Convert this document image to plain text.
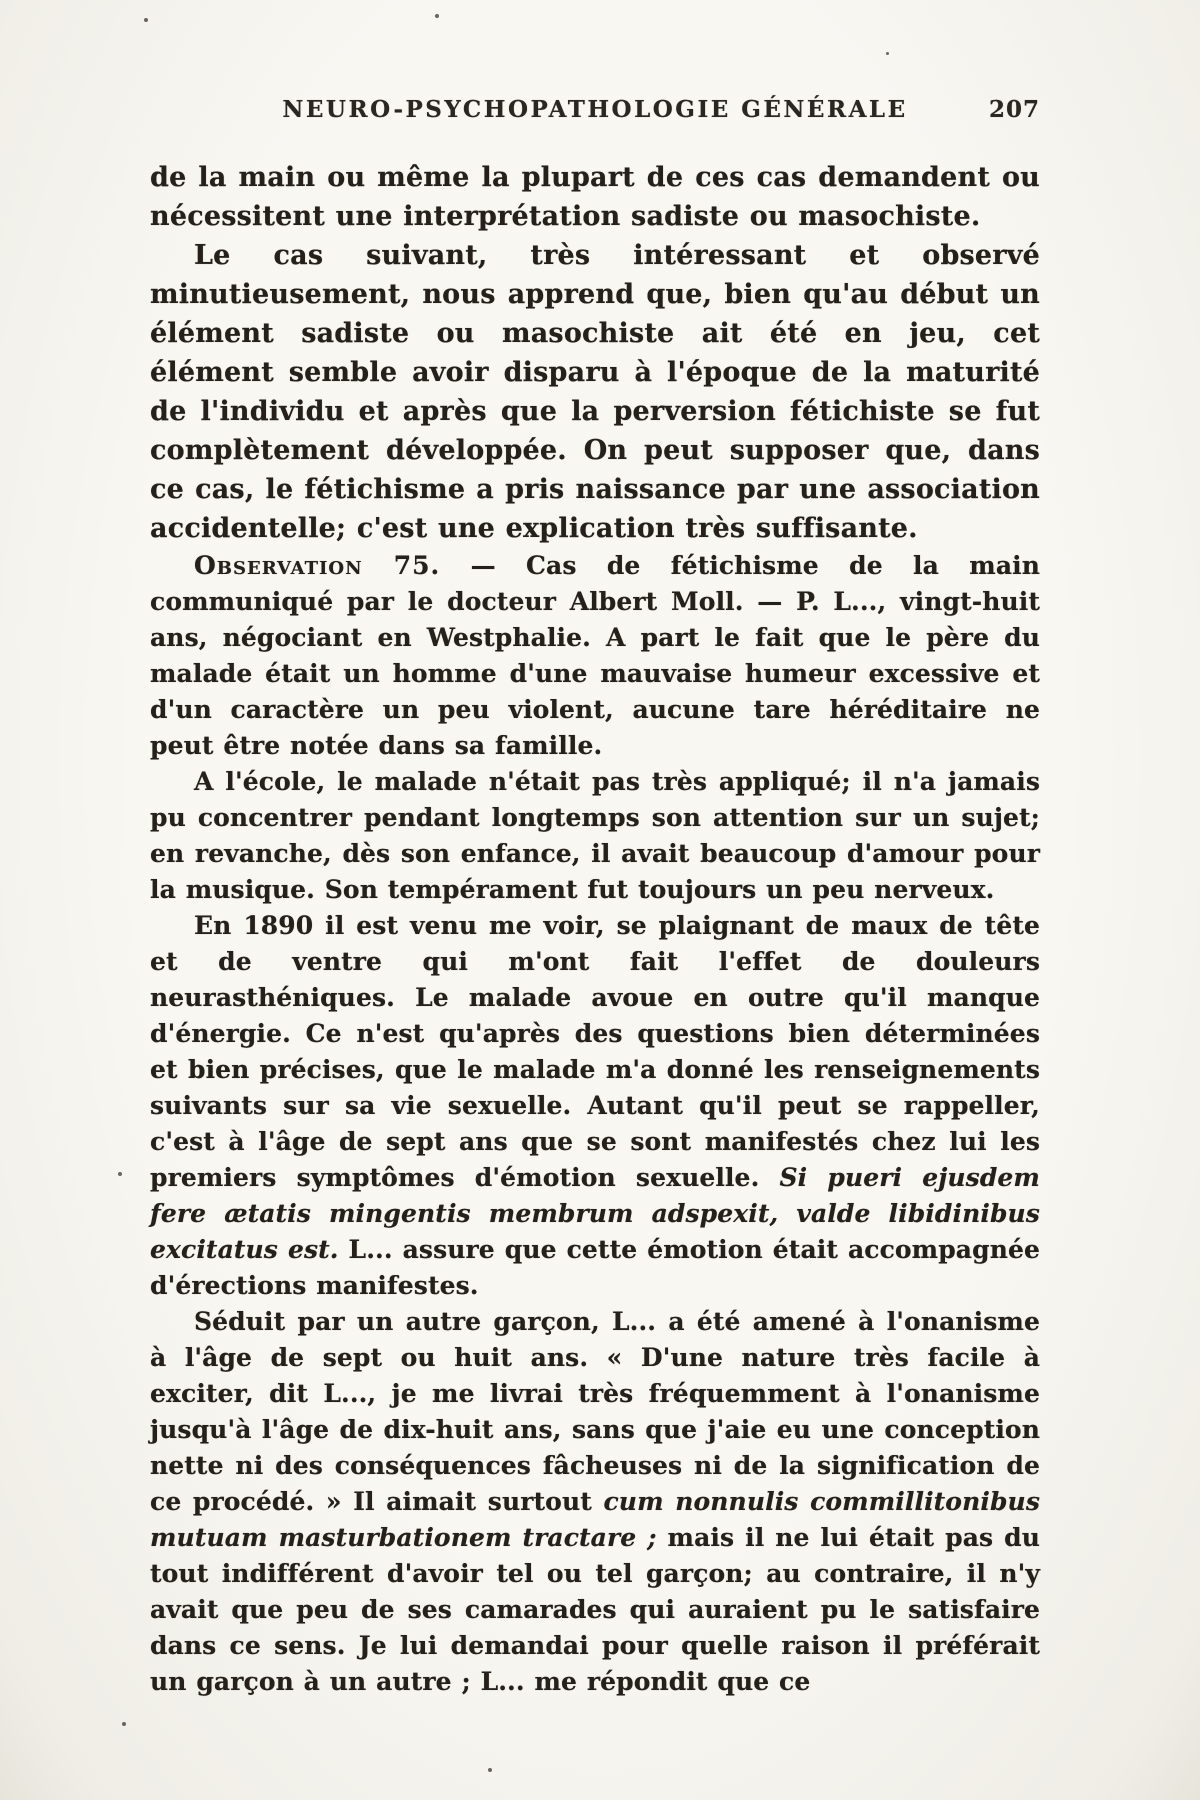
NEURO-PSYCHOPATHOLOGIE GÉNÉRALE	207

de la main ou même la plupart de ces cas demandent ou nécessitent une interprétation sadiste ou masochiste.

Le cas suivant, très intéressant et observé minutieusement, nous apprend que, bien qu'au début un élément sadiste ou masochiste ait été en jeu, cet élément semble avoir disparu à l'époque de la maturité de l'individu et après que la perversion fétichiste se fut complètement développée. On peut supposer que, dans ce cas, le fétichisme a pris naissance par une association accidentelle; c'est une explication très suffisante.

Observation 75. — Cas de fétichisme de la main communiqué par le docteur Albert Moll. — P. L..., vingt-huit ans, négociant en Westphalie. A part le fait que le père du malade était un homme d'une mauvaise humeur excessive et d'un caractère un peu violent, aucune tare héréditaire ne peut être notée dans sa famille.

A l'école, le malade n'était pas très appliqué; il n'a jamais pu concentrer pendant longtemps son attention sur un sujet; en revanche, dès son enfance, il avait beaucoup d'amour pour la musique. Son tempérament fut toujours un peu nerveux.

En 1890 il est venu me voir, se plaignant de maux de tête et de ventre qui m'ont fait l'effet de douleurs neurasthéniques. Le malade avoue en outre qu'il manque d'énergie. Ce n'est qu'après des questions bien déterminées et bien précises, que le malade m'a donné les renseignements suivants sur sa vie sexuelle. Autant qu'il peut se rappeller, c'est à l'âge de sept ans que se sont manifestés chez lui les premiers symptômes d'émotion sexuelle. Si pueri ejusdem fere ætatis mingentis membrum adspexit, valde libidinibus excitatus est. L... assure que cette émotion était accompagnée d'érections manifestes.

Séduit par un autre garçon, L... a été amené à l'onanisme à l'âge de sept ou huit ans. « D'une nature très facile à exciter, dit L..., je me livrai très fréquemment à l'onanisme jusqu'à l'âge de dix-huit ans, sans que j'aie eu une conception nette ni des conséquences fâcheuses ni de la signification de ce procédé. » Il aimait surtout cum nonnulis commillitonibus mutuam masturbationem tractare ; mais il ne lui était pas du tout indifférent d'avoir tel ou tel garçon; au contraire, il n'y avait que peu de ses camarades qui auraient pu le satisfaire dans ce sens. Je lui demandai pour quelle raison il préférait un garçon à un autre ; L... me répondit que ce
